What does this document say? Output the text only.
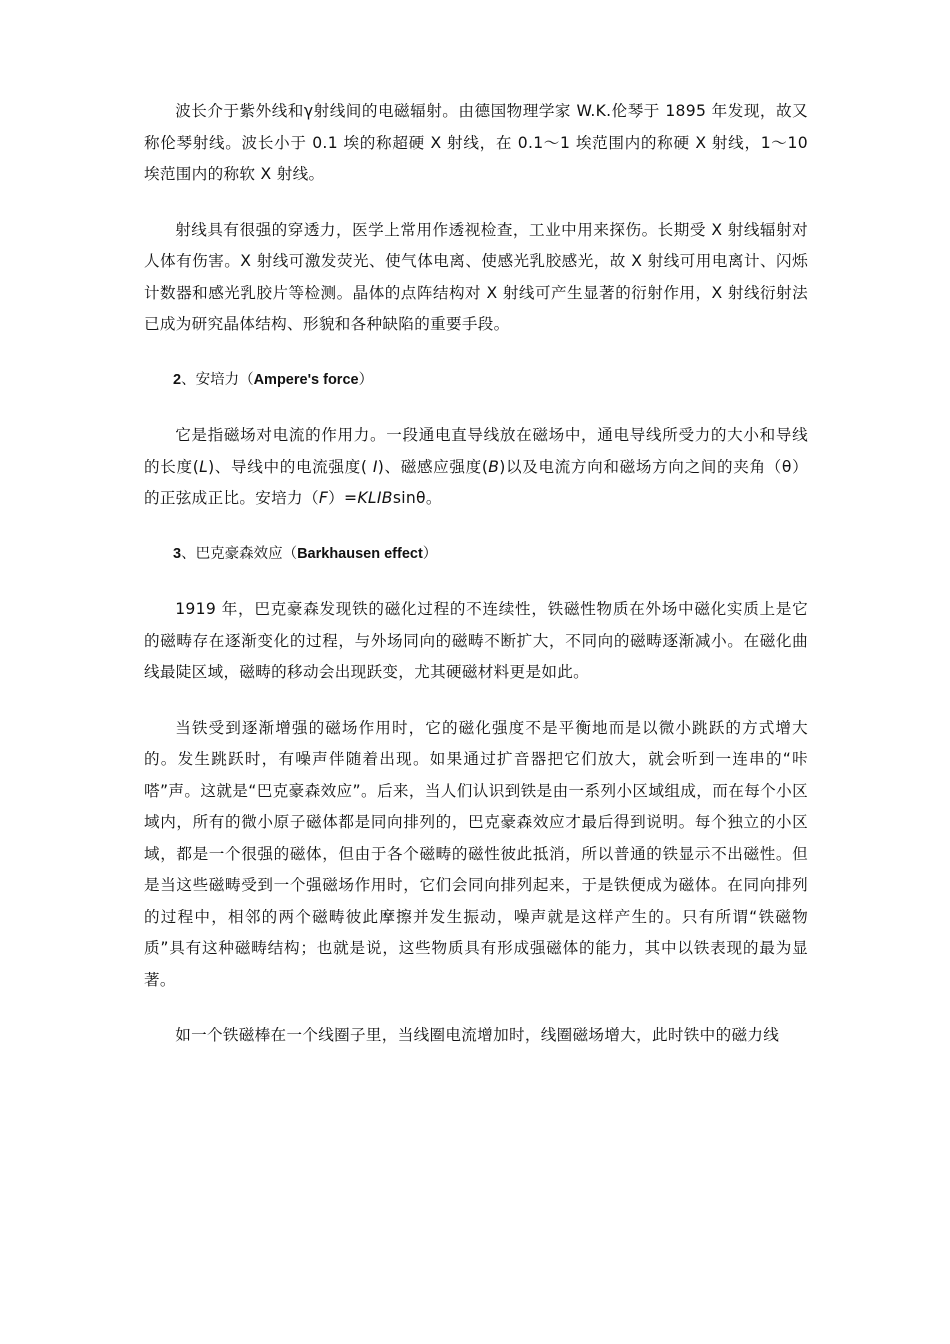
波长介于紫外线和γ射线间的电磁辐射。由德国物理学家 W.K.伦琴于 1895 年发现，故又称伦琴射线。波长小于 0.1 埃的称超硬 X 射线，在 0.1～1 埃范围内的称硬 X 射线，1～10 埃范围内的称软 X 射线。

射线具有很强的穿透力，医学上常用作透视检查，工业中用来探伤。长期受 X 射线辐射对人体有伤害。X 射线可激发荧光、使气体电离、使感光乳胶感光，故 X 射线可用电离计、闪烁计数器和感光乳胶片等检测。晶体的点阵结构对 X 射线可产生显著的衍射作用，X 射线衍射法已成为研究晶体结构、形貌和各种缺陷的重要手段。

2、安培力（Ampere's force）

它是指磁场对电流的作用力。一段通电直导线放在磁场中，通电导线所受力的大小和导线的长度(L)、导线中的电流强度( I)、磁感应强度(B)以及电流方向和磁场方向之间的夹角（θ）的正弦成正比。安培力（F）=KLIBsinθ。

3、巴克豪森效应（Barkhausen effect）

1919 年，巴克豪森发现铁的磁化过程的不连续性，铁磁性物质在外场中磁化实质上是它的磁畴存在逐渐变化的过程，与外场同向的磁畴不断扩大，不同向的磁畴逐渐减小。在磁化曲线最陡区域，磁畴的移动会出现跃变，尤其硬磁材料更是如此。

当铁受到逐渐增强的磁场作用时，它的磁化强度不是平衡地而是以微小跳跃的方式增大的。发生跳跃时，有噪声伴随着出现。如果通过扩音器把它们放大，就会听到一连串的“咔嗒”声。这就是“巴克豪森效应”。后来，当人们认识到铁是由一系列小区域组成，而在每个小区域内，所有的微小原子磁体都是同向排列的，巴克豪森效应才最后得到说明。每个独立的小区域，都是一个很强的磁体，但由于各个磁畴的磁性彼此抵消，所以普通的铁显示不出磁性。但是当这些磁畴受到一个强磁场作用时，它们会同向排列起来，于是铁便成为磁体。在同向排列的过程中，相邻的两个磁畴彼此摩擦并发生振动，噪声就是这样产生的。只有所谓“铁磁物质”具有这种磁畴结构；也就是说，这些物质具有形成强磁体的能力，其中以铁表现的最为显著。

如一个铁磁棒在一个线圈子里，当线圈电流增加时，线圈磁场增大，此时铁中的磁力线
